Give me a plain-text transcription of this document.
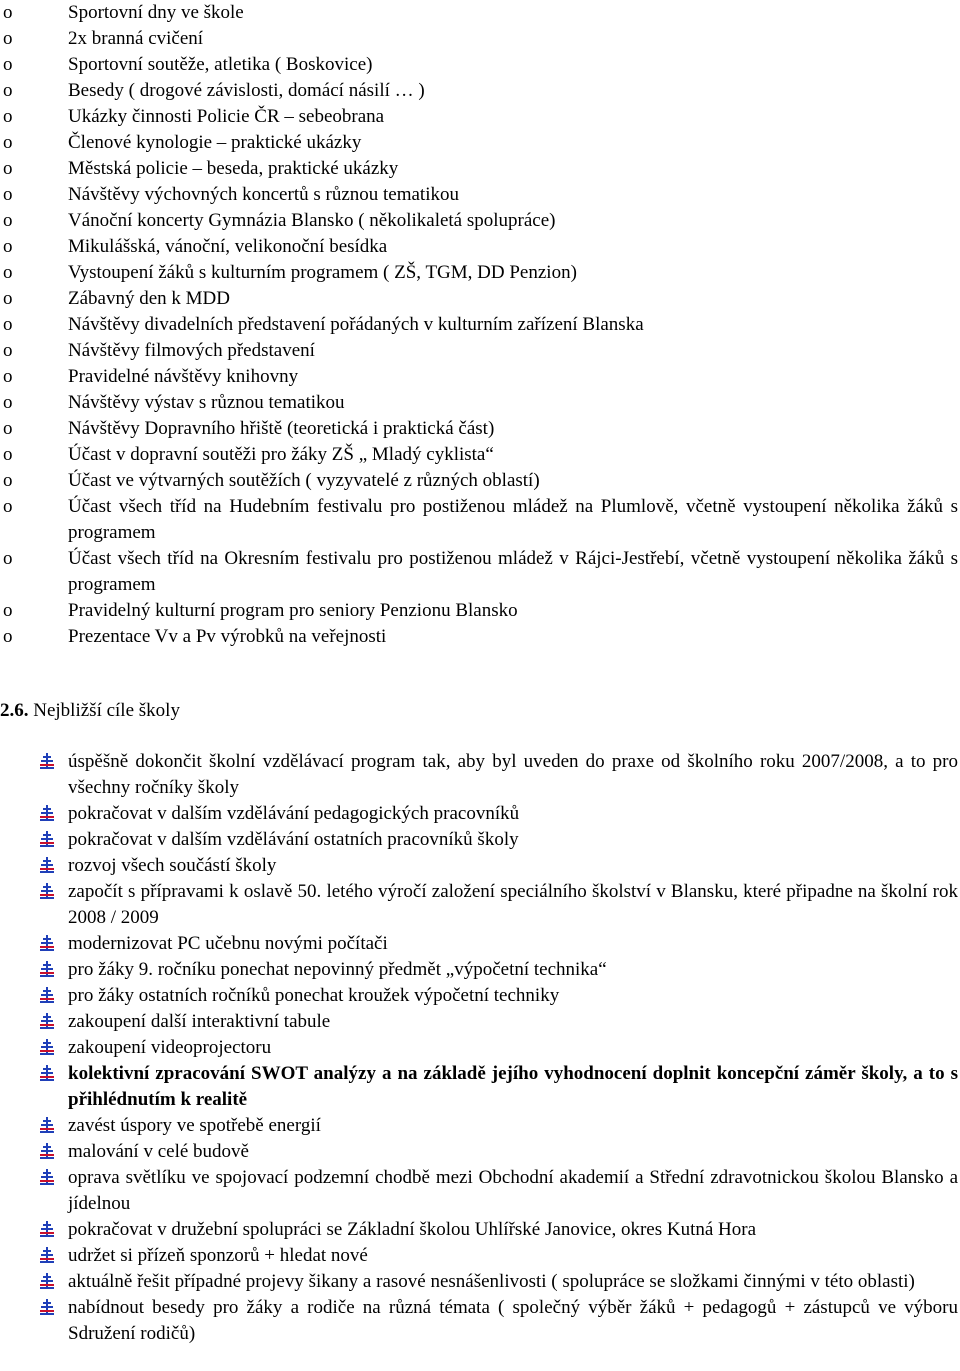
o	Sportovní dny ve škole
o	2x branná cvičení
o	Sportovní soutěže, atletika ( Boskovice)
o	Besedy ( drogové závislosti, domácí násilí … )
o	Ukázky činnosti Policie ČR – sebeobrana
o	Členové kynologie – praktické ukázky
o	Městská policie – beseda, praktické ukázky
o	Návštěvy výchovných koncertů s různou tematikou
o	Vánoční koncerty Gymnázia Blansko ( několikaletá spolupráce)
o	Mikulášská, vánoční, velikonoční besídka
o	Vystoupení žáků s kulturním programem ( ZŠ, TGM, DD Penzion)
o	Zábavný den k MDD
o	Návštěvy divadelních představení pořádaných v kulturním zařízení Blanska
o	Návštěvy filmových představení
o	Pravidelné návštěvy knihovny
o	Návštěvy výstav s různou tematikou
o	Návštěvy Dopravního hřiště (teoretická i praktická část)
o	Účast v dopravní soutěži pro žáky ZŠ „ Mladý cyklista“
o	Účast ve výtvarných soutěžích ( vyzyvatelé z různých oblastí)
o	Účast všech tříd na Hudebním festivalu pro postiženou mládež na Plumlově, včetně vystoupení několika žáků s programem
o	Účast všech tříd na Okresním festivalu pro postiženou mládež v Rájci-Jestřebí, včetně vystoupení několika žáků s programem
o	Pravidelný kulturní program pro seniory Penzionu Blansko
o	Prezentace Vv a Pv výrobků na veřejnosti
2.6. Nejbližší cíle školy
úspěšně dokončit školní vzdělávací program tak, aby byl uveden do praxe od školního roku 2007/2008, a to pro všechny ročníky školy
pokračovat v dalším vzdělávání pedagogických pracovníků
pokračovat v dalším vzdělávání ostatních pracovníků školy
rozvoj všech součástí školy
započít s přípravami k oslavě 50. letého výročí založení speciálního školství v Blansku, které připadne na školní rok 2008 / 2009
modernizovat PC učebnu novými počítači
pro žáky 9. ročníku ponechat nepovinný předmět „výpočetní technika“
pro žáky ostatních ročníků ponechat kroužek výpočetní techniky
zakoupení další interaktivní tabule
zakoupení videoprojectoru
kolektivní zpracování SWOT analýzy a na základě jejího vyhodnocení doplnit koncepční záměr školy, a to s přihlédnutím k realitě
zavést úspory ve spotřebě energií
malování v celé budově
oprava světlíku ve spojovací podzemní chodbě mezi Obchodní akademií a Střední zdravotnickou školou Blansko a jídelnou
pokračovat v družební spolupráci se Základní školou Uhlířské Janovice, okres Kutná Hora
udržet si přízeň sponzorů + hledat nové
aktuálně řešit případné projevy šikany a rasové nesnášenlivosti ( spolupráce se složkami činnými v této oblasti)
nabídnout besedy pro žáky a rodiče na různá témata ( společný výběr žáků + pedagogů + zástupců ve výboru Sdružení rodičů)
